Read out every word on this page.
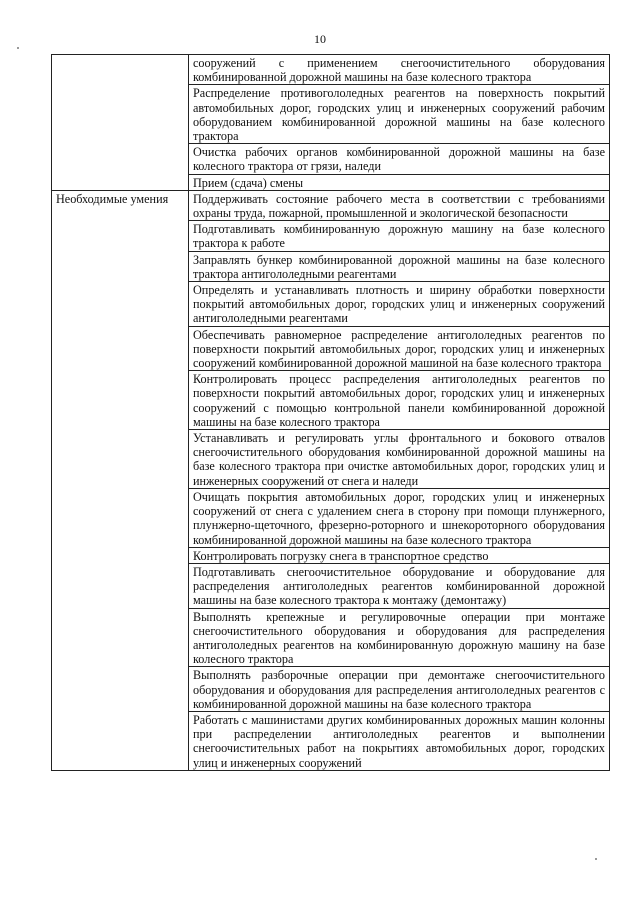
10
	сооружений с применением снегоочистительного оборудования комбинированной дорожной машины на базе колесного трактора
	Распределение противогололедных реагентов на поверхность покрытий автомобильных дорог, городских улиц и инженерных сооружений рабочим оборудованием комбинированной дорожной машины на базе колесного трактора
	Очистка рабочих органов комбинированной дорожной машины на базе колесного трактора от грязи, наледи
	Прием (сдача) смены
Необходимые умения	Поддерживать состояние рабочего места в соответствии с требованиями охраны труда, пожарной, промышленной и экологической безопасности
	Подготавливать комбинированную дорожную машину на базе колесного трактора к работе
	Заправлять бункер комбинированной дорожной машины на базе колесного трактора антигололедными реагентами
	Определять и устанавливать плотность и ширину обработки поверхности покрытий автомобильных дорог, городских улиц и инженерных сооружений антигололедными реагентами
	Обеспечивать равномерное распределение антигололедных реагентов по поверхности покрытий автомобильных дорог, городских улиц и инженерных сооружений комбинированной дорожной машиной на базе колесного трактора
	Контролировать процесс распределения антигололедных реагентов по поверхности покрытий автомобильных дорог, городских улиц и инженерных сооружений с помощью контрольной панели комбинированной дорожной машины на базе колесного трактора
	Устанавливать и регулировать углы фронтального и бокового отвалов снегоочистительного оборудования комбинированной дорожной машины на базе колесного трактора при очистке автомобильных дорог, городских улиц и инженерных сооружений от снега и наледи
	Очищать покрытия автомобильных дорог, городских улиц и инженерных сооружений от снега с удалением снега в сторону при помощи плунжерного, плунжерно-щеточного, фрезерно-роторного и шнекороторного оборудования комбинированной дорожной машины на базе колесного трактора
	Контролировать погрузку снега в транспортное средство
	Подготавливать снегоочистительное оборудование и оборудование для распределения антигололедных реагентов комбинированной дорожной машины на базе колесного трактора к монтажу (демонтажу)
	Выполнять крепежные и регулировочные операции при монтаже снегоочистительного оборудования и оборудования для распределения антигололедных реагентов на комбинированную дорожную машину на базе колесного трактора
	Выполнять разборочные операции при демонтаже снегоочистительного оборудования и оборудования для распределения антигололедных реагентов с комбинированной дорожной машины на базе колесного трактора
	Работать с машинистами других комбинированных дорожных машин колонны при распределении антигололедных реагентов и выполнении снегоочистительных работ на покрытиях автомобильных дорог, городских улиц и инженерных сооружений
